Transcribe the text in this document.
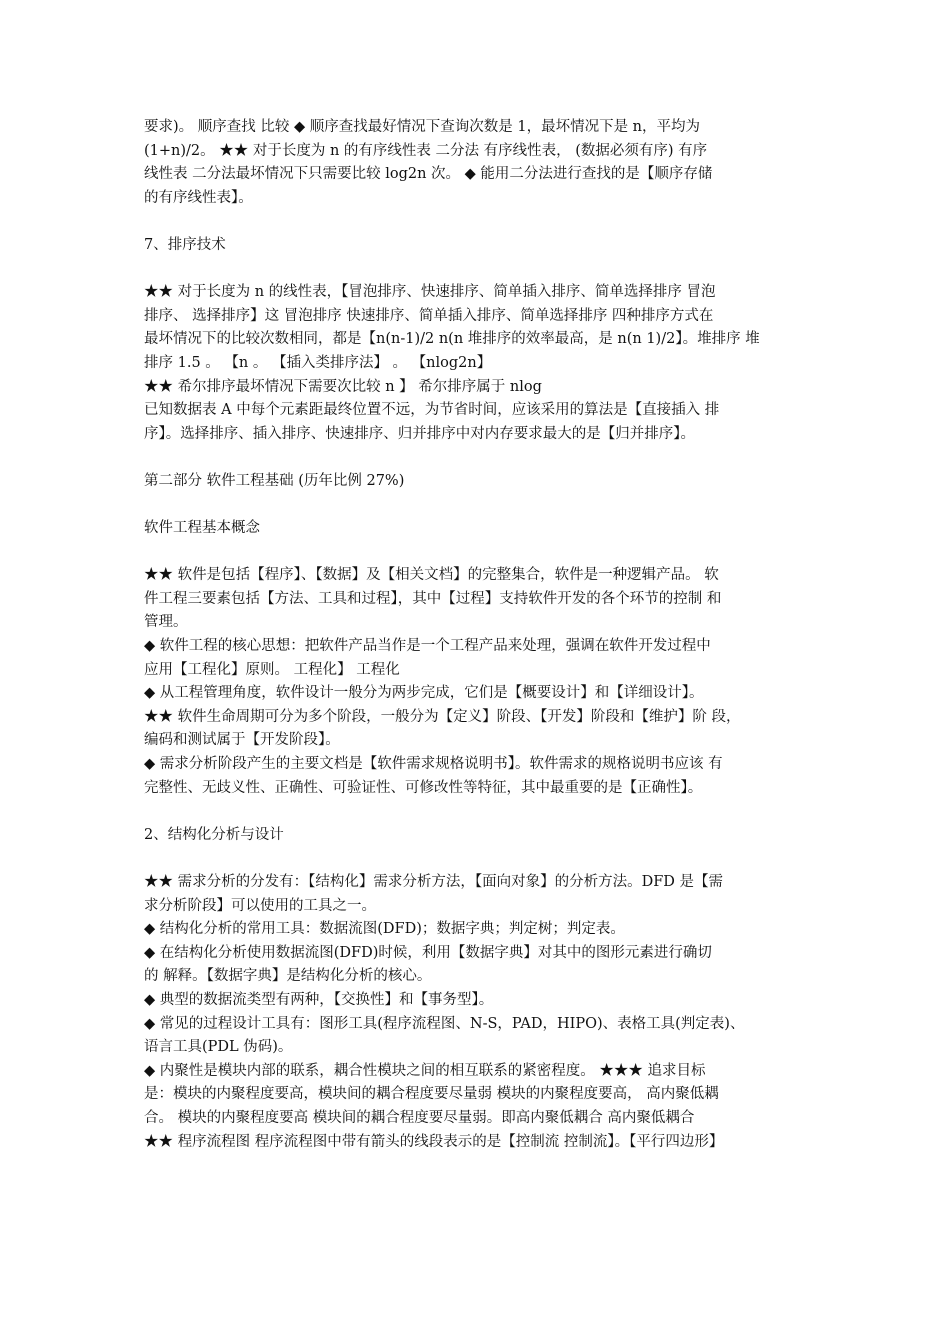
要求)。 顺序查找 比较 ◆ 顺序查找最好情况下查询次数是 1，最坏情况下是 n，平均为
(1+n)/2。 ★★ 对于长度为 n 的有序线性表 二分法 有序线性表， (数据必须有序) 有序
线性表 二分法最坏情况下只需要比较 log2n 次。 ◆ 能用二分法进行查找的是【顺序存储
的有序线性表】。

7、排序技术

★★ 对于长度为 n 的线性表，【冒泡排序、快速排序、简单插入排序、简单选择排序 冒泡
排序、 选择排序】这 冒泡排序 快速排序、简单插入排序、简单选择排序 四种排序方式在
最坏情况下的比较次数相同，都是【n(n-1)/2 n(n 堆排序的效率最高，是 n(n 1)/2】。堆排序 堆
排序 1.5 。 【n 。 【插入类排序法】 。 【nlog2n】
★★ 希尔排序最坏情况下需要次比较 n 】 希尔排序属于 nlog
已知数据表 A 中每个元素距最终位置不远，为节省时间，应该采用的算法是【直接插入 排
序】。选择排序、插入排序、快速排序、归并排序中对内存要求最大的是【归并排序】。

第二部分 软件工程基础 (历年比例 27%)

软件工程基本概念

★★ 软件是包括【程序】、【数据】及【相关文档】的完整集合，软件是一种逻辑产品。 软
件工程三要素包括【方法、工具和过程】，其中【过程】支持软件开发的各个环节的控制 和
管理。
◆ 软件工程的核心思想：把软件产品当作是一个工程产品来处理，强调在软件开发过程中
应用【工程化】原则。 工程化】 工程化
◆ 从工程管理角度，软件设计一般分为两步完成，它们是【概要设计】和【详细设计】。
★★ 软件生命周期可分为多个阶段，一般分为【定义】阶段、【开发】阶段和【维护】阶 段，
编码和测试属于【开发阶段】。
◆ 需求分析阶段产生的主要文档是【软件需求规格说明书】。软件需求的规格说明书应该 有
完整性、无歧义性、正确性、可验证性、可修改性等特征，其中最重要的是【正确性】。

2、结构化分析与设计

★★ 需求分析的分发有：【结构化】需求分析方法，【面向对象】的分析方法。DFD 是【需
求分析阶段】可以使用的工具之一。
◆ 结构化分析的常用工具：数据流图(DFD)；数据字典；判定树；判定表。
◆ 在结构化分析使用数据流图(DFD)时候，利用【数据字典】对其中的图形元素进行确切
的 解释。【数据字典】是结构化分析的核心。
◆ 典型的数据流类型有两种，【交换性】和【事务型】。
◆ 常见的过程设计工具有：图形工具(程序流程图、N-S，PAD，HIPO)、表格工具(判定表)、
语言工具(PDL 伪码)。
◆ 内聚性是模块内部的联系，耦合性模块之间的相互联系的紧密程度。 ★★★ 追求目标
是：模块的内聚程度要高，模块间的耦合程度要尽量弱 模块的内聚程度要高， 高内聚低耦
合。 模块的内聚程度要高 模块间的耦合程度要尽量弱。即高内聚低耦合 高内聚低耦合
★★ 程序流程图 程序流程图中带有箭头的线段表示的是【控制流 控制流】。【平行四边形】
